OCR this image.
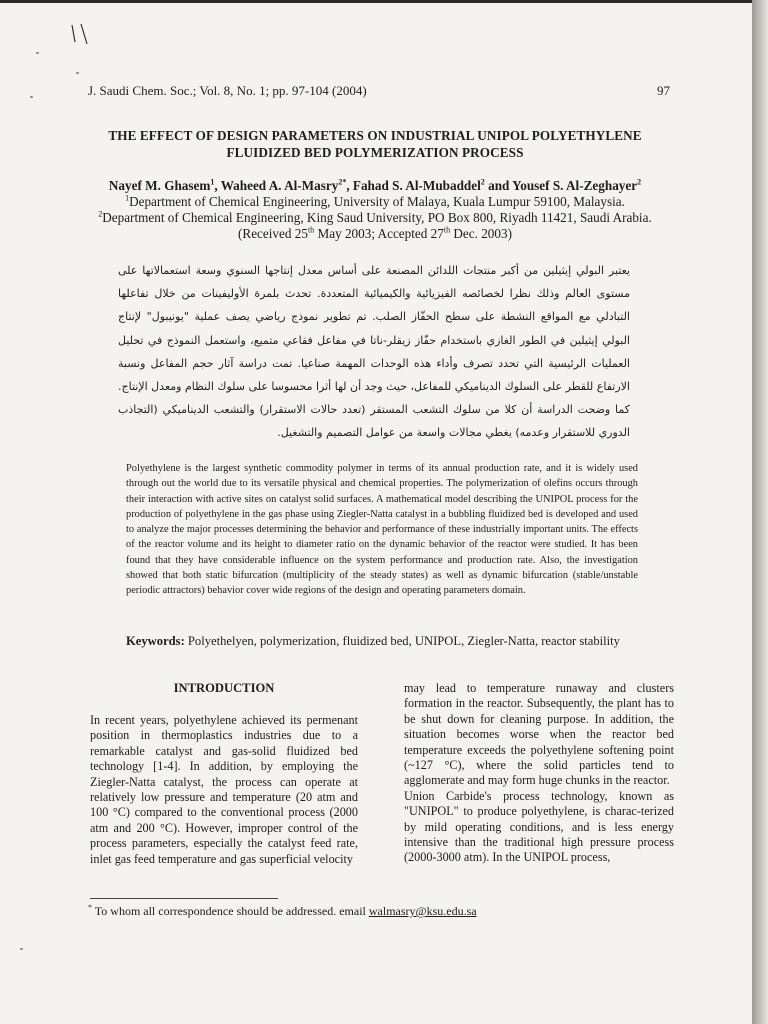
J. Saudi Chem. Soc.; Vol. 8, No. 1; pp. 97-104 (2004)	97
THE EFFECT OF DESIGN PARAMETERS ON INDUSTRIAL UNIPOL POLYETHYLENE
FLUIDIZED BED POLYMERIZATION PROCESS
Nayef M. Ghasem$^1$, Waheed A. Al-Masry$^{2*}$, Fahad S. Al-Mubaddel$^2$ and Yousef S. Al-Zeghayer$^2$
$^1$Department of Chemical Engineering, University of Malaya, Kuala Lumpur 59100, Malaysia.
$^2$Department of Chemical Engineering, King Saud University, PO Box 800, Riyadh 11421, Saudi Arabia.
(Received 25th May 2003; Accepted 27th Dec. 2003)
يعتبر البولي إيثيلين من أكبر منتجات اللدائن المصنعة على أساس معدل إنتاجها السنوي وسعة استعمالاتها على مستوى العالم وذلك نظرا لخصائصه الفيزيائية والكيميائية المتعددة. تحدث بلمرة الأوليفينات من خلال تفاعلها التبادلي مع المواقع النشطة على سطح الحفّاز الصلب. تم تطوير نموذج رياضي يصف عملية "يونيبول" لإنتاج البولي إيثيلين في الطور الغازي باستخدام حفّاز زيقلر-ناتا في مفاعل فقاعي متميع، واستعمل النموذج في تحليل العمليات الرئيسية التي تحدد تصرف وأداء هذه الوحدات المهمة صناعيا. تمت دراسة آثار حجم المفاعل ونسبة الارتفاع للقطر على السلوك الديناميكي للمفاعل، حيث وجد أن لها أثرا محسوسا على سلوك النظام ومعدل الإنتاج. كما وضحت الدراسة أن كلا من سلوك التشعب المستقر (تعدد حالات الاستقرار) والتشعب الديناميكي (التجاذب الدوري للاستقرار وعدمه) يغطي مجالات واسعة من عوامل التصميم والتشغيل.
Polyethylene is the largest synthetic commodity polymer in terms of its annual production rate, and it is widely used through out the world due to its versatile physical and chemical properties. The polymerization of olefins occurs through their interaction with active sites on catalyst solid surfaces. A mathematical model describing the UNIPOL process for the production of polyethylene in the gas phase using Ziegler-Natta catalyst in a bubbling fluidized bed is developed and used to analyze the major processes determining the behavior and performance of these industrially important units. The effects of the reactor volume and its height to diameter ratio on the dynamic behavior of the reactor were studied. It has been found that they have considerable influence on the system performance and production rate. Also, the investigation showed that both static bifurcation (multiplicity of the steady states) as well as dynamic bifurcation (stable/unstable periodic attractors) behavior cover wide regions of the design and operating parameters domain.
Keywords: Polyethelyen, polymerization, fluidized bed, UNIPOL, Ziegler-Natta, reactor stability
INTRODUCTION

In recent years, polyethylene achieved its permenant position in thermoplastics industries due to a remarkable catalyst and gas-solid fluidized bed technology [1-4]. In addition, by employing the Ziegler-Natta catalyst, the process can operate at relatively low pressure and temperature (20 atm and 100 °C) compared to the conventional process (2000 atm and 200 °C). However, improper control of the process parameters, especially the catalyst feed rate, inlet gas feed temperature and gas superficial velocity

may lead to temperature runaway and clusters formation in the reactor. Subsequently, the plant has to be shut down for cleaning purpose. In addition, the situation becomes worse when the reactor bed temperature exceeds the polyethylene softening point (~127 °C), where the solid particles tend to agglomerate and may form huge chunks in the reactor.

Union Carbide's process technology, known as "UNIPOL" to produce polyethylene, is charac-terized by mild operating conditions, and is less energy intensive than the traditional high pressure process (2000-3000 atm). In the UNIPOL process,

* To whom all correspondence should be addressed. email walmasry@ksu.edu.sa
